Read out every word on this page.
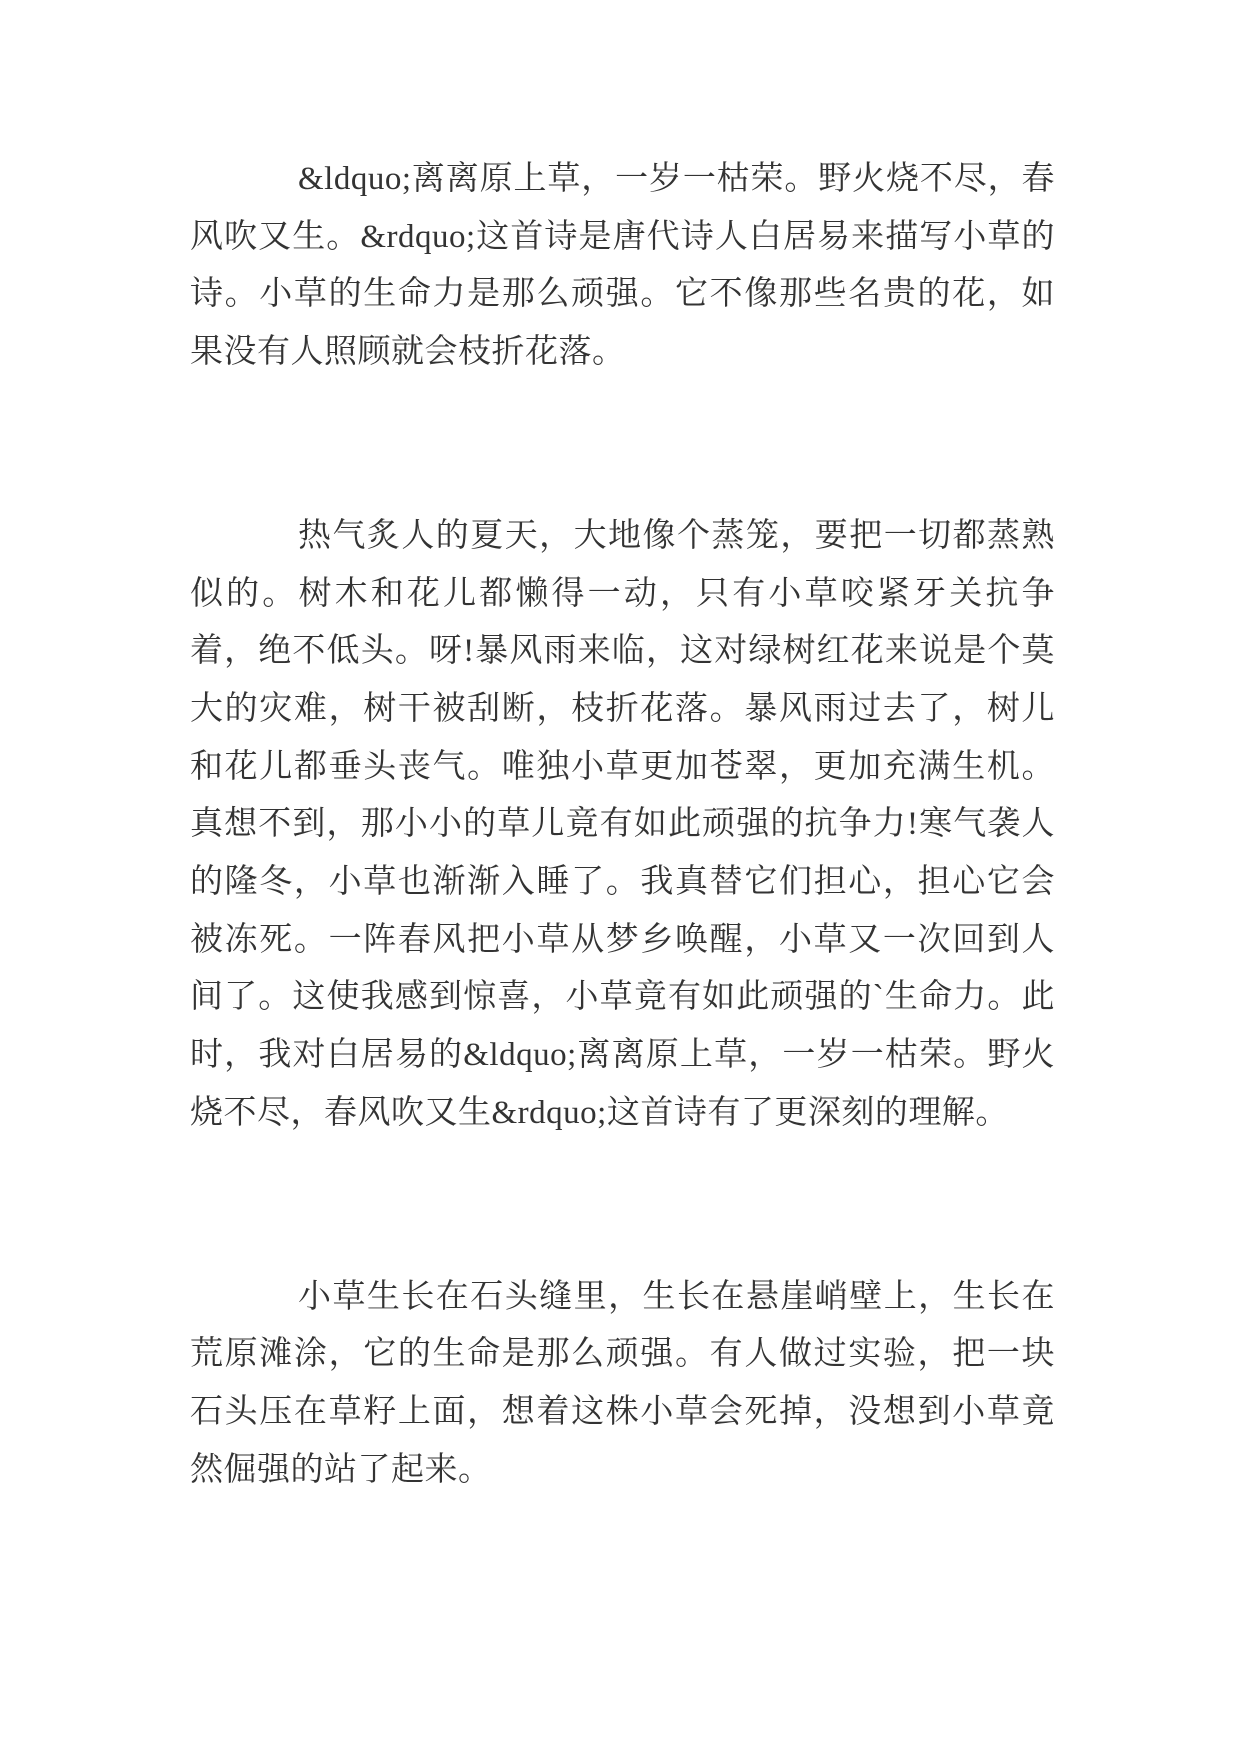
&ldquo;离离原上草，一岁一枯荣。野火烧不尽，春风吹又生。&rdquo;这首诗是唐代诗人白居易来描写小草的诗。小草的生命力是那么顽强。它不像那些名贵的花，如果没有人照顾就会枝折花落。

热气炙人的夏天，大地像个蒸笼，要把一切都蒸熟似的。树木和花儿都懒得一动，只有小草咬紧牙关抗争着，绝不低头。呀!暴风雨来临，这对绿树红花来说是个莫大的灾难，树干被刮断，枝折花落。暴风雨过去了，树儿和花儿都垂头丧气。唯独小草更加苍翠，更加充满生机。真想不到，那小小的草儿竟有如此顽强的抗争力!寒气袭人的隆冬，小草也渐渐入睡了。我真替它们担心，担心它会被冻死。一阵春风把小草从梦乡唤醒，小草又一次回到人间了。这使我感到惊喜，小草竟有如此顽强的`生命力。此时，我对白居易的&ldquo;离离原上草，一岁一枯荣。野火烧不尽，春风吹又生&rdquo;这首诗有了更深刻的理解。

小草生长在石头缝里，生长在悬崖峭壁上，生长在荒原滩涂，它的生命是那么顽强。有人做过实验，把一块石头压在草籽上面，想着这株小草会死掉，没想到小草竟然倔强的站了起来。
